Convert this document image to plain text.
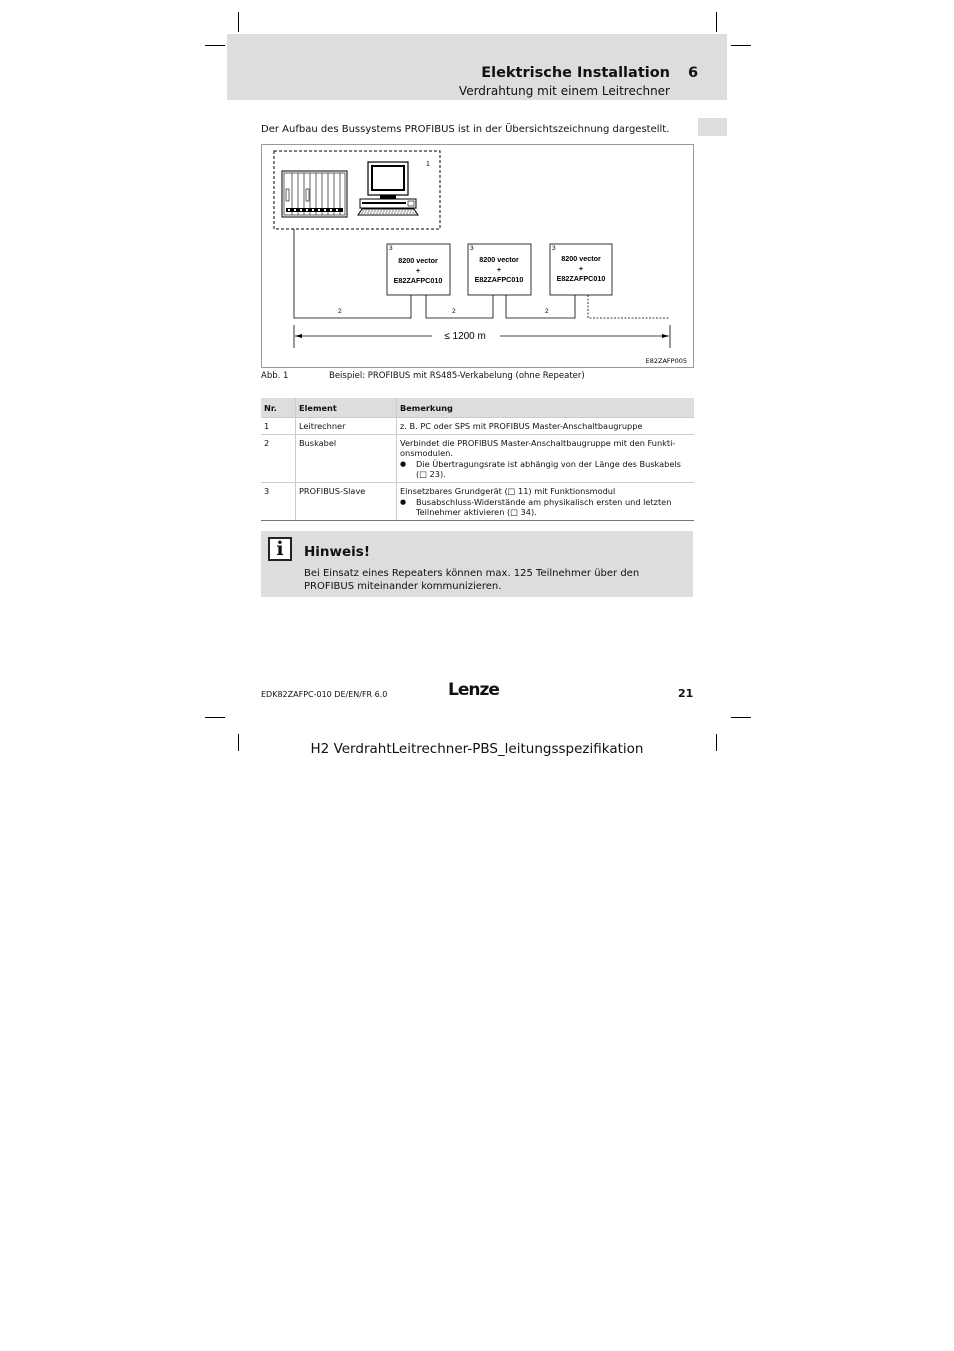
Elektrische Installation 6
Verdrahtung mit einem Leitrechner
Der Aufbau des Bussystems PROFIBUS ist in der Übersichtszeichnung dargestellt.
1
2	2	2
3
8200 vector
+
E82ZAFPC010
3
8200 vector
+
E82ZAFPC010
3
8200 vector
+
E82ZAFPC010
≤ 1200 m
E82ZAFP005
Abb. 1	Beispiel: PROFIBUS mit RS485-Verkabelung (ohne Repeater)
Nr.	Element	Bemerkung
1	Leitrechner	z. B. PC oder SPS mit PROFIBUS Master-Anschaltbaugruppe
2	Buskabel	Verbindet die PROFIBUS Master-Anschaltbaugruppe mit den Funkti-onsmodulen.
● Die Übertragungsrate ist abhängig von der Länge des Buskabels (□ 23).

3	PROFIBUS-Slave	Einsetzbares Grundgerät (□ 11) mit Funktionsmodul
● Busabschluss-Widerstände am physikalisch ersten und letzten Teilnehmer aktivieren (□ 34).
i	Hinweis!
Bei Einsatz eines Repeaters können max. 125 Teilnehmer über den PROFIBUS miteinander kommunizieren.
EDK82ZAFPC-010 DE/EN/FR 6.0	Lenze	21
H2 VerdrahtLeitrechner-PBS_leitungsspezifikation
